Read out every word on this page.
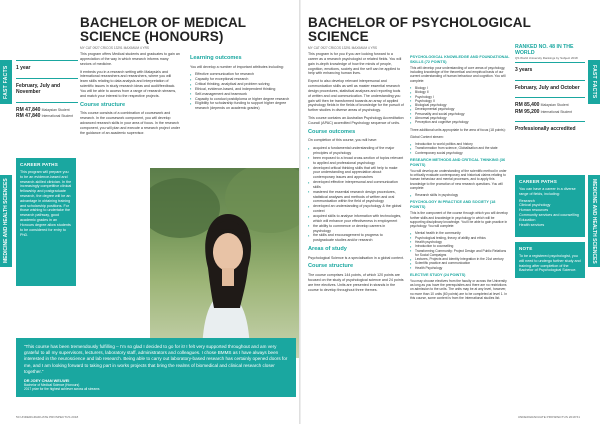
FAST FACTS
MEDICINE AND HEALTH SCIENCES
BACHELOR OF MEDICAL SCIENCE (HONOURS)
MY CAT 0927 CRICOS 13291 MAXIMUM 4 YRS
1 year
February, July and November
RM 47,840 Malaysian Student
RM 47,840 International Student
CAREER PATHS
This program will prepare you to be an evidence-based and research-skilled clinician. In the increasingly competitive clinical fellowship and postgraduate research, the degree will be an advantage in obtaining training and scholarship positions. For those wishing to undertake the research pathway, good academic grades in an Honours degree allow students to be considered for entry to PhD.

This program offers Medical students and graduates to gain an appreciation of the way in which research informs many sectors of medicine.

It embeds you in a research setting with Malaysia's and international researchers and researchers, where you will learn skills relating to data analysis and interpretation of scientific issues in study research ideas and audit/feedback. You will be able to access from a range of research streams, and match your interest to the respective projects.

Course structure

This course consists of a combination of coursework and research. In the coursework component, you will develop advanced research skills in your area of focus. In the research component, you will plan and execute a research project under the guidance of an academic supervisor.

Learning outcomes

You will develop a number of important attributes including:

▪ Effective communication for research
▪ Capacity for exceptional research
▪ Critical thinking, analytical and problem solving
▪ Ethical, evidence-based, and independent thinking
▪ Self-management and teamwork
▪ Capacity to conduct postdiploma or higher degree research
▪ Eligibility for scholarship funding to support higher degree research (depends on academic grades)
“This course has been tremendously fulfilling – I'm so glad I decided to go for it! I felt very supported throughout and am very grateful to all my supervisors, lecturers, laboratory staff, administrators and colleagues. I chose BMMS as I have always been interested in the neuroscience and lab research. Being able to carry out laboratory-based research has certainly opened doors for me, and I am looking forward to taking part in works projects that bring the realms of biomedical and clinical research closer together.”
DR JOEY CHAN WEI-WEI
Bachelor of Medical Science (Honours)
2017 prize for the highest achiever across all streams
50 UNDERGRADUATE PROSPECTUS 2018
FAST FACTS
MEDICINE AND HEALTH SCIENCES
BACHELOR OF PSYCHOLOGICAL SCIENCE
MY CAT 0927 CRICOS 13291 MAXIMUM 4 YRS

This program is for you if you are looking forward to a career as a research psychologist or related fields. You will gain in-depth knowledge of how the minds of people, cognition, emotions, society and the self can be applied to help with enhancing human lives.

Expect to also develop relevant interpersonal and communication skills as well as master essential research design procedures, statistical analyses and reporting tools of written and oral communication. The understanding you gain will then be transformed towards an array of applied psychology fields in the fields of knowledge for the pursuit of further studies in diverse areas of psychology.

This course contains an Australian Psychology Accreditation Council (APAC) accredited Psychology sequence of units.

Course outcomes

On completion of this course, you will have:

▪ acquired a fundamental understanding of the major principles of psychology
▪ been exposed to a broad cross-section of topics relevant to applied and professional psychology
▪ developed critical thinking skills that will help to make your understanding and appreciation about contemporary issues and approaches
▪ developed effective interpersonal and communication skills
▪ mastered the essential research design procedures, statistical analyses and methods of written and oral communication within the field of psychology
▪ developed an understanding of psychology & the global context
▪ acquired skills to analyse information with technologies, which will enhance your effectiveness in employment
▪ the ability to commence or develop careers in psychology
▪ the skills and encouragement to progress to postgraduate studies and/or research
Areas of study

Psychological Science is a specialisation in a global context.

Course structure

The course comprises 144 points, of which 120 points are focused on the study of psychological science and 24 points are free electives. Units are presented in strands in the course to develop throughout three themes.

PSYCHOLOGICAL KNOWLEDGE AND FOUNDATIONAL SKILLS (72 POINTS)

This will develop your understanding of core areas of psychology, including knowledge of the theoretical and empirical basis of our current understanding of human behaviour and cognition. You will complete:

▪ Biology I
▪ Biology II
▪ Psychology I
▪ Psychology II
▪ Biological psychology
▪ Developmental psychology
▪ Personality and social psychology
▪ Abnormal psychology
▪ Perception and cognitive psychology

Three additional units appropriate to the area of focus (18 points):

Global Context stream:

▪ Introduction to world politics and history
▪ Transformation from science, Globalisation and the state
▪ Contemporary social psychology
RESEARCH METHODS AND CRITICAL THINKING (36 POINTS)

You will develop an understanding of the scientific method in order to critically evaluate contemporary and historical claims relating to human behaviour and mental processes, and to apply this knowledge to the promotion of new research questions. You will complete:

▪ Research skills in psychology
PSYCHOLOGY IN PRACTICE AND SOCIETY (18 POINTS)

This is the component of the course through which you will develop further skills and knowledge in psychology in which will be supporting disciplinary knowledge. You'll be able to gain practice in psychology. You will complete:

▪ Mental health in the community
▪ Psychological testing, theory of ability and ethics
▪ Health psychology
▪ Introduction to counselling
▪ Transforming Community: Project Design and Public Relations for Social Campaigns
▪ Lectures, Projects and Identity Integration in the 21st century
▪ Scientific practice and communication
▪ Health Psychology
ELECTIVE STUDY (24 POINTS)

You may choose electives from the faculty or across the University as long as you have the prerequisites and there are no restrictions on admission to the units. The units may be at any level, however, no more than 10 units (60 points) are to be completed at level 1. In this course, some content is from the International studies list.

RANKED NO. 48 IN THE WORLD
QS World University Rankings by Subject 2018
3 years
February, July and October
RM 85,400 Malaysian Student
RM 95,200 International Student
Professionally accredited
CAREER PATHS
You can have a career in a diverse range of fields, including:
Research
Clinical psychology
Human resources
Community services and counselling
Education
Health services
NOTE
To be a registered psychologist, you will need to undergo further study and training after completion of the Bachelor of Psychological Science.
UNDERGRADUATE PROSPECTUS 2018 51
